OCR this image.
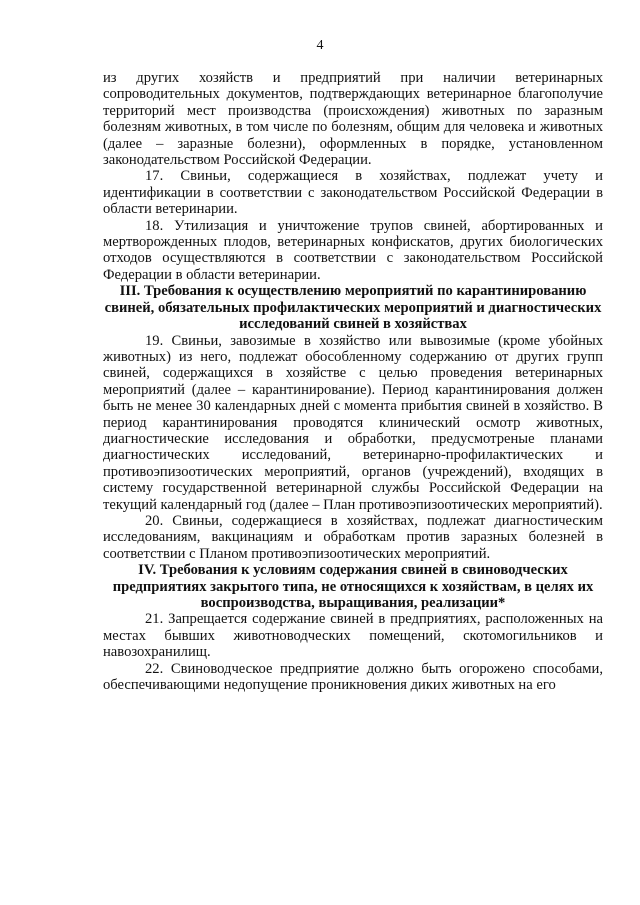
4

из других хозяйств и предприятий при наличии ветеринарных сопроводительных документов, подтверждающих ветеринарное благополучие территорий мест производства (происхождения) животных по заразным болезням животных, в том числе по болезням, общим для человека и животных (далее – заразные болезни), оформленных в порядке, установленном законодательством Российской Федерации.

17. Свиньи, содержащиеся в хозяйствах, подлежат учету и идентификации в соответствии с законодательством Российской Федерации в области ветеринарии.

18. Утилизация и уничтожение трупов свиней, абортированных и мертворожденных плодов, ветеринарных конфискатов, других биологических отходов осуществляются в соответствии с законодательством Российской Федерации в области ветеринарии.

III. Требования к осуществлению мероприятий по карантинированию свиней, обязательных профилактических мероприятий и диагностических исследований свиней в хозяйствах

19. Свиньи, завозимые в хозяйство или вывозимые (кроме убойных животных) из него, подлежат обособленному содержанию от других групп свиней, содержащихся в хозяйстве с целью проведения ветеринарных мероприятий (далее – карантинирование). Период карантинирования должен быть не менее 30 календарных дней с момента прибытия свиней в хозяйство. В период карантинирования проводятся клинический осмотр животных, диагностические исследования и обработки, предусмотреные планами диагностических исследований, ветеринарно-профилактических и противоэпизоотических мероприятий, органов (учреждений), входящих в систему государственной ветеринарной службы Российской Федерации на текущий календарный год (далее – План противоэпизоотических мероприятий).

20. Свиньи, содержащиеся в хозяйствах, подлежат диагностическим исследованиям, вакцинациям и обработкам против заразных болезней в соответствии с Планом противоэпизоотических мероприятий.

IV. Требования к условиям содержания свиней в свиноводческих предприятиях закрытого типа, не относящихся к хозяйствам, в целях их воспроизводства, выращивания, реализации*

21. Запрещается содержание свиней в предприятиях, расположенных на местах бывших животноводческих помещений, скотомогильников и навозохранилищ.

22. Свиноводческое предприятие должно быть огорожено способами, обеспечивающими недопущение проникновения диких животных на его
